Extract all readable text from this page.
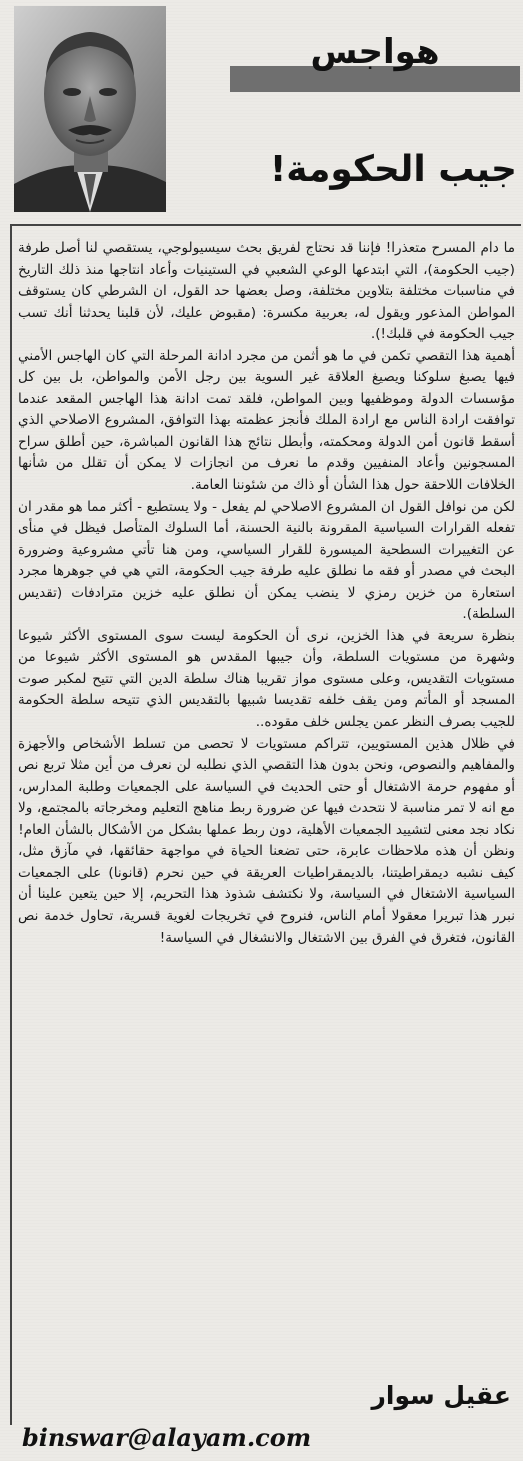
هواجس
جيب الحكومة!

ما دام المسرح متعذرا! فإننا قد نحتاج لفريق بحث سيسيولوجي، يستقصي لنا أصل طرفة (جيب الحكومة)، التي ابتدعها الوعي الشعبي في الستينيات وأعاد انتاجها منذ ذلك التاريخ في مناسبات مختلفة بتلاوين مختلفة، وصل بعضها حد القول، ان الشرطي كان يستوقف المواطن المذعور ويقول له، بعربية مكسرة: (مقبوض عليك، لأن قلبنا يحدثنا أنك تسب جيب الحكومة في قلبك!).

أهمية هذا التقصي تكمن في ما هو أثمن من مجرد ادانة المرحلة التي كان الهاجس الأمني فيها يصبغ سلوكنا ويصيغ العلاقة غير السوية بين رجل الأمن والمواطن، بل بين كل مؤسسات الدولة وموظفيها وبين المواطن، فلقد تمت ادانة هذا الهاجس المقعد عندما توافقت ارادة الناس مع ارادة الملك فأنجز عظمته بهذا التوافق، المشروع الاصلاحي الذي أسقط قانون أمن الدولة ومحكمته، وأبطل نتائج هذا القانون المباشرة، حين أطلق سراح المسجونين وأعاد المنفيين وقدم ما نعرف من انجازات لا يمكن أن تقلل من شأنها الخلافات اللاحقة حول هذا الشأن أو ذاك من شئوننا العامة.

لكن من نوافل القول ان المشروع الاصلاحي لم يفعل - ولا يستطيع - أكثر مما هو مقدر ان تفعله القرارات السياسية المقرونة بالنية الحسنة، أما السلوك المتأصل فيظل في منأى عن التغييرات السطحية الميسورة للقرار السياسي، ومن هنا تأتي مشروعية وضرورة البحث في مصدر أو فقه ما نطلق عليه طرفة جيب الحكومة، التي هي في جوهرها مجرد استعارة من خزين رمزي لا ينضب يمكن أن نطلق عليه خزين مترادفات (تقديس السلطة).

بنظرة سريعة في هذا الخزين، نرى أن الحكومة ليست سوى المستوى الأكثر شيوعا وشهرة من مستويات السلطة، وأن جيبها المقدس هو المستوى الأكثر شيوعا من مستويات التقديس، وعلى مستوى مواز تقريبا هناك سلطة الدين التي تتيح لمكبر صوت المسجد أو المأتم ومن يقف خلفه تقديسا شبيها بالتقديس الذي تتيحه سلطة الحكومة للجيب بصرف النظر عمن يجلس خلف مقوده..

في ظلال هذين المستويين، تتراكم مستويات لا تحصى من تسلط الأشخاص والأجهزة والمفاهيم والنصوص، ونحن بدون هذا التقصي الذي نطلبه لن نعرف من أين مثلا تربع نص أو مفهوم حرمة الاشتغال أو حتى الحديث في السياسة على الجمعيات وطلبة المدارس، مع انه لا تمر مناسبة لا نتحدث فيها عن ضرورة ربط مناهج التعليم ومخرجاته بالمجتمع، ولا نكاد نجد معنى لتشييد الجمعيات الأهلية، دون ربط عملها بشكل من الأشكال بالشأن العام!

ونظن أن هذه ملاحظات عابرة، حتى تضعنا الحياة في مواجهة حقائقها، في مآزق مثل، كيف نشبه ديمقراطيتنا، بالديمقراطيات العريقة في حين نحرم (قانونا) على الجمعيات السياسية الاشتغال في السياسة، ولا نكتشف شذوذ هذا التحريم، إلا حين يتعين علينا أن نبرر هذا تبريرا معقولا أمام الناس، فنروح في تخريجات لغوية قسرية، تحاول خدمة نص القانون، فتغرق في الفرق بين الاشتغال والانشغال في السياسة!

عقيل سوار
binswar@alayam.com
